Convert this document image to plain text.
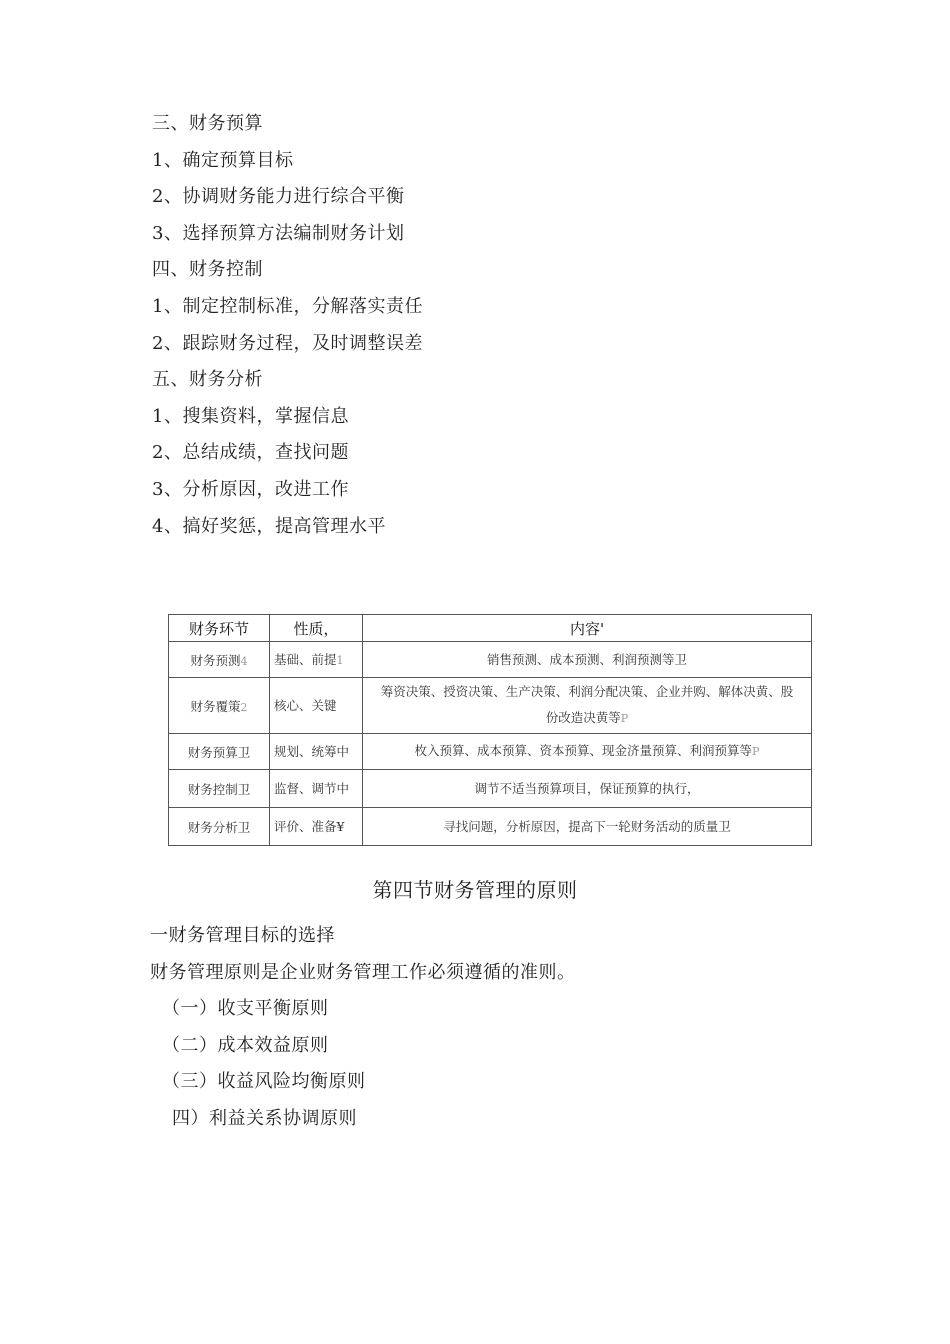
三、财务预算
1、确定预算目标
2、协调财务能力进行综合平衡
3、选择预算方法编制财务计划
四、财务控制
1、制定控制标准，分解落实责任
2、跟踪财务过程，及时调整误差
五、财务分析
1、搜集资料，掌握信息
2、总结成绩，查找问题
3、分析原因，改进工作
4、搞好奖惩，提高管理水平
财务环节	性质，	内容'
财务预测4	基础、前提1	销售预测、成本预测、利润预测等卫
财务覆策2	核心、关键	筹资决策、授资决策、生产决策、利润分配决策、企业并购、解体决黄、股份改造决黄等P
财务预算卫	规划、统筹中	枚入预算、成本预算、资本预算、现金济量预算、利润预算等P
财务控制卫	监督、调节中	调节不适当预算项目，保证预算的执行，
财务分析卫	评价、准备¥	寻找问题，分析原因，提高下一轮财务活动的质量卫
第四节财务管理的原则
一财务管理目标的选择
财务管理原则是企业财务管理工作必须遵循的准则。
（一）收支平衡原则
（二）成本效益原则
（三）收益风险均衡原则
四）利益关系协调原则
